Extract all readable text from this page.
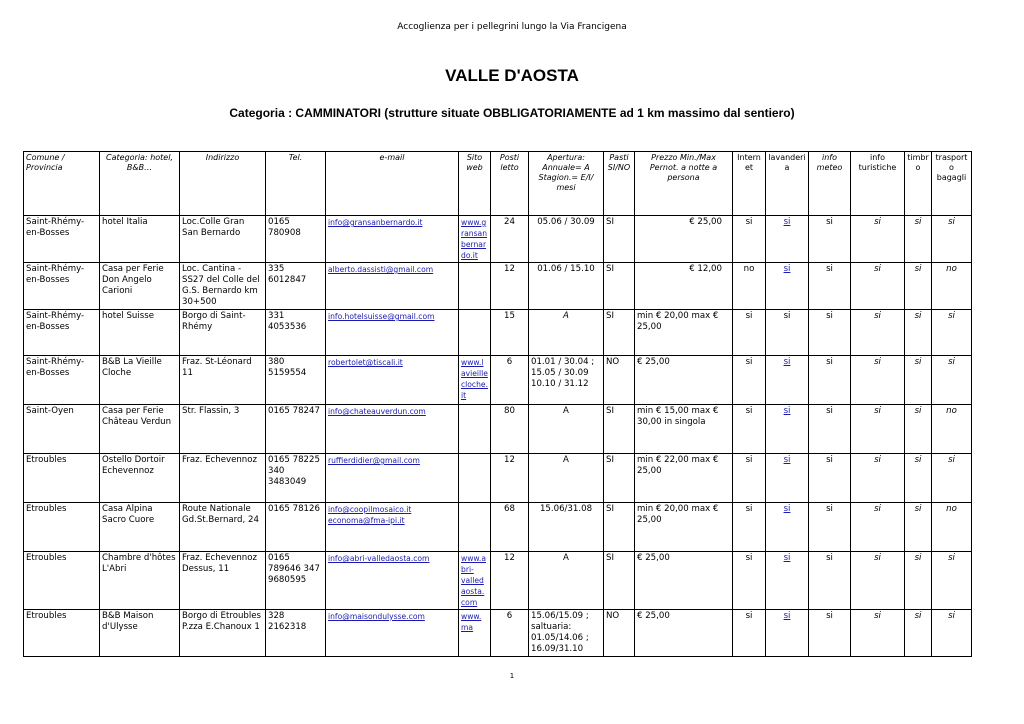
Accoglienza per i pellegrini lungo la Via Francigena
VALLE D'AOSTA
Categoria : CAMMINATORI (strutture situate OBBLIGATORIAMENTE ad 1 km massimo dal sentiero)
Comune / Provincia	Categoria: hotel, B&B…	Indirizzo	Tel.	e-mail	Sito web	Posti letto	Apertura: Annuale= A Stagion.= E/I/ mesi	Pasti SI/NO	Prezzo Min./Max Pernot. a notte a persona	Internet	lavanderia	info meteo	info turistiche	timbro	trasporto bagagli
Saint-Rhémy-en-Bosses	hotel Italia	Loc.Colle Gran San Bernardo	0165 780908	info@gransanbernardo.it	www.gransanbernardo.it	24	05.06 / 30.09	SI	€ 25,00	si	si	si	si	si	si
Saint-Rhémy-en-Bosses	Casa per Ferie Don Angelo Carioni	Loc. Cantina - SS27 del Colle del G.S. Bernardo km 30+500	335 6012847	alberto.dassisti@gmail.com		12	01.06 / 15.10	SI	€ 12,00	no	si	si	si	si	no
Saint-Rhémy-en-Bosses	hotel Suisse	Borgo di Saint-Rhémy	331 4053536	info.hotelsuisse@gmail.com		15	A	SI	min € 20,00 max € 25,00	si	si	si	si	si	si
Saint-Rhémy-en-Bosses	B&B La Vieille Cloche	Fraz. St-Léonard 11	380 5159554	robertolet@tiscali.it	www.lavieillecloche.it	6	01.01 / 30.04 ; 15.05 / 30.09 10.10 / 31.12	NO	€ 25,00	si	si	si	si	si	si
Saint-Oyen	Casa per Ferie Château Verdun	Str. Flassin, 3	0165 78247	info@chateauverdun.com		80	A	SI	min € 15,00 max € 30,00 in singola	si	si	si	si	si	no
Etroubles	Ostello Dortoir Echevennoz	Fraz. Echevennoz	0165 78225 340 3483049	ruffierdidier@gmail.com		12	A	SI	min € 22,00 max € 25,00	si	si	si	si	si	si
Etroubles	Casa Alpina Sacro Cuore	Route Nationale Gd.St.Bernard, 24	0165 78126	info@coopilmosaico.it economa@fma-ipi.it		68	15.06/31.08	SI	min € 20,00 max € 25,00	si	si	si	si	si	no
Etroubles	Chambre d'hôtes L'Abri	Fraz. Echevennoz Dessus, 11	0165 789646 347 9680595	info@abri-valledaosta.com	www.abri-valledaosta.com	12	A	SI	€ 25,00	si	si	si	si	si	si
Etroubles	B&B Maison d'Ulysse	Borgo di Etroubles P.zza E.Chanoux 1	328 2162318	info@maisondulysse.com	www.ma	6	15.06/15.09 ; saltuaria: 01.05/14.06 ; 16.09/31.10	NO	€ 25,00	si	si	si	si	si	si
1
